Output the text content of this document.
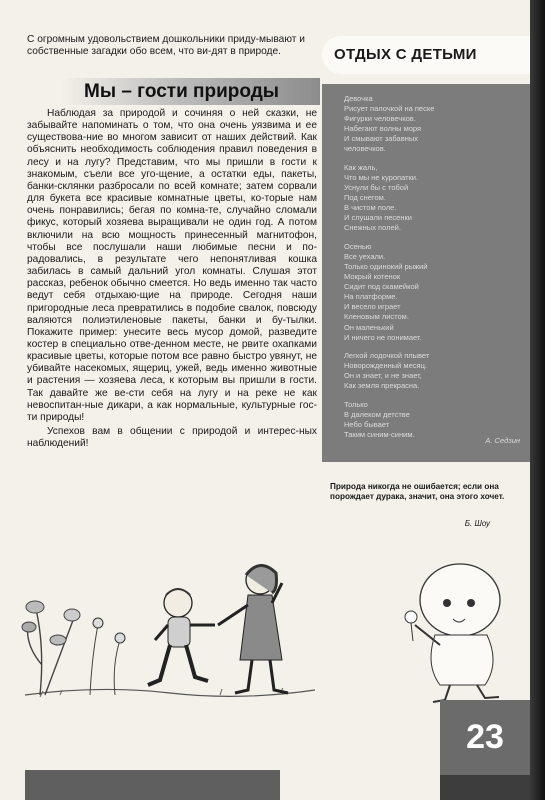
С огромным удовольствием дошкольники приду-мывают и собственные загадки обо всем, что ви-дят в природе.
Мы – гости природы

Наблюдая за природой и сочиняя о ней сказки, не забывайте напоминать о том, что она очень уязвима и ее существова-ние во многом зависит от наших действий. Как объяснить необходимость соблюдения правил поведения в лесу и на лугу? Представим, что мы пришли в гости к знакомым, съели все уго-щение, а остатки еды, пакеты, банки-склянки разбросали по всей комнате; затем сорвали для букета все красивые комнатные цветы, ко-торые нам очень понравились; бегая по комна-те, случайно сломали фикус, который хозяева выращивали не один год. А потом включили на всю мощность принесенный магнитофон, чтобы все послушали наши любимые песни и по-радовались, в результате чего непонятливая кошка забилась в самый дальний угол комнаты. Слушая этот рассказ, ребенок обычно смеется. Но ведь именно так часто ведут себя отдыхаю-щие на природе. Сегодня наши пригородные леса превратились в подобие свалок, повсюду валяются полиэтиленовые пакеты, банки и бу-тылки. Покажите пример: унесите весь мусор домой, разведите костер в специально отве-денном месте, не рвите охапками красивые цветы, которые потом все равно быстро увянут, не убивайте насекомых, ящериц, ужей, ведь именно животные и растения — хозяева леса, к которым вы пришли в гости. Так давайте же ве-сти себя на лугу и на реке не как невоспитан-ные дикари, а как нормальные, культурные гос-ти природы!

Успехов вам в общении с природой и интерес-ных наблюдений!

ОТДЫХ С ДЕТЬМИ
Девочка
Рисует палочкой на песке
Фигурки человечков.
Набегают волны моря
И смывают забавных
человечков.
Как жаль,
Что мы не куропатки.
Уснули бы с тобой
Под снегом.
В чистом поле.
И слушали песенки
Снежных полей.
Осенью
Все уехали.
Только одинокий рыжий
Мокрый котенок
Сидит под скамейкой
На платформе.
И весело играет
Кленовым листом.
Он маленький
И ничего не понимает.
Легкой лодочкой плывет
Новорожденный месяц.
Он и знает, и не знает,
Как земля прекрасна.
Только
В далеком детстве
Небо бывает
Таким синим-синим.
А. Седзин
Природа никогда не ошибается; если она порождает дурака, значит, она этого хочет.
Б. Шоу
23
